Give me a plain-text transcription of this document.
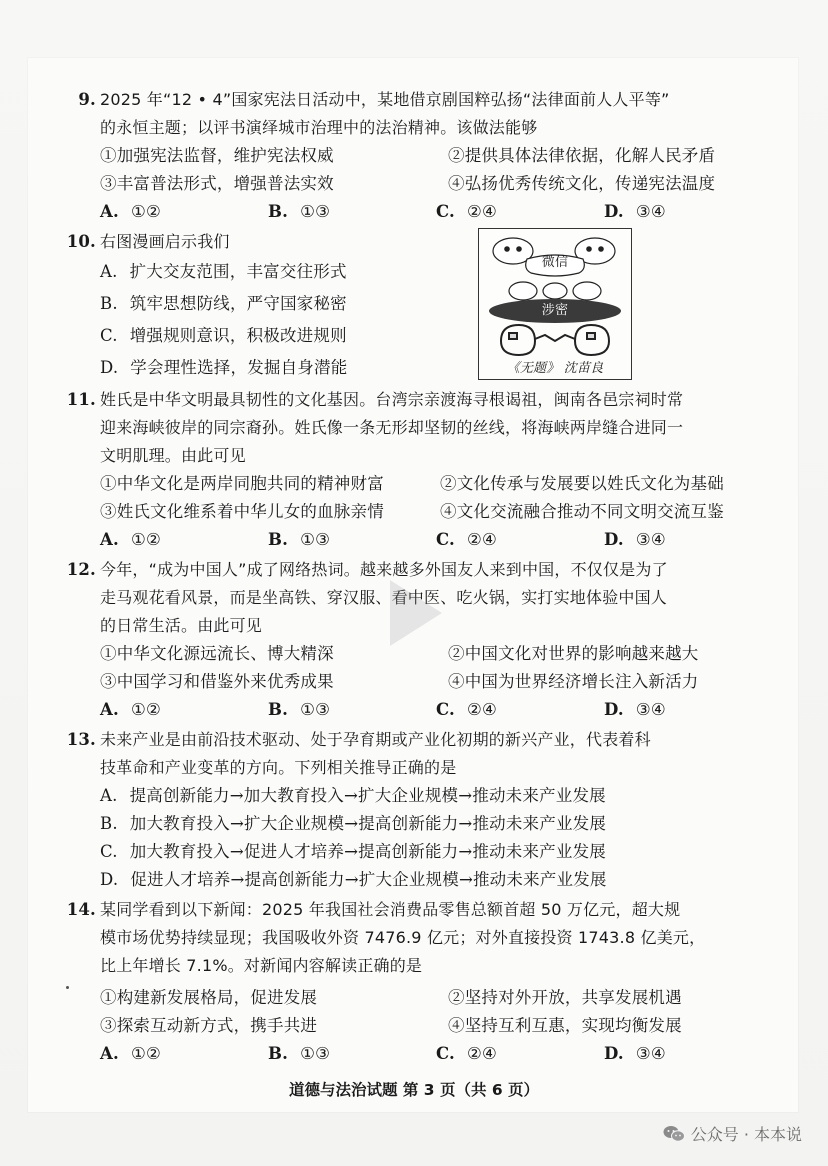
9. 2025 年“12 • 4”国家宪法日活动中，某地借京剧国粹弘扬“法律面前人人平等”
的永恒主题；以评书演绎城市治理中的法治精神。该做法能够
①加强宪法监督，维护宪法权威	②提供具体法律依据，化解人民矛盾
③丰富普法形式，增强普法实效	④弘扬优秀传统文化，传递宪法温度
A. ①②	B. ①③	C. ②④	D. ③④
10. 右图漫画启示我们
A. 扩大交友范围，丰富交往形式
B. 筑牢思想防线，严守国家秘密
C. 增强规则意识，积极改进规则
D. 学会理性选择，发掘自身潜能
微信
涉密
《无题》 沈苗良
11. 姓氏是中华文明最具韧性的文化基因。台湾宗亲渡海寻根谒祖，闽南各邑宗祠时常
迎来海峡彼岸的同宗裔孙。姓氏像一条无形却坚韧的丝线，将海峡两岸缝合进同一
文明肌理。由此可见
①中华文化是两岸同胞共同的精神财富	②文化传承与发展要以姓氏文化为基础
③姓氏文化维系着中华儿女的血脉亲情	④文化交流融合推动不同文明交流互鉴
A. ①②	B. ①③	C. ②④	D. ③④
12. 今年，“成为中国人”成了网络热词。越来越多外国友人来到中国，不仅仅是为了
走马观花看风景，而是坐高铁、穿汉服、看中医、吃火锅，实打实地体验中国人
的日常生活。由此可见
①中华文化源远流长、博大精深	②中国文化对世界的影响越来越大
③中国学习和借鉴外来优秀成果	④中国为世界经济增长注入新活力
A. ①②	B. ①③	C. ②④	D. ③④
13. 未来产业是由前沿技术驱动、处于孕育期或产业化初期的新兴产业，代表着科
技革命和产业变革的方向。下列相关推导正确的是
A. 提高创新能力→加大教育投入→扩大企业规模→推动未来产业发展
B. 加大教育投入→扩大企业规模→提高创新能力→推动未来产业发展
C. 加大教育投入→促进人才培养→提高创新能力→推动未来产业发展
D. 促进人才培养→提高创新能力→扩大企业规模→推动未来产业发展
14. 某同学看到以下新闻：2025 年我国社会消费品零售总额首超 50 万亿元，超大规
模市场优势持续显现；我国吸收外资 7476.9 亿元；对外直接投资 1743.8 亿美元，
比上年增长 7.1%。对新闻内容解读正确的是
①构建新发展格局，促进发展	②坚持对外开放，共享发展机遇
③探索互动新方式，携手共进	④坚持互利互惠，实现均衡发展
A. ①②	B. ①③	C. ②④	D. ③④
道德与法治试题 第 3 页（共 6 页）
公众号 · 本本说
